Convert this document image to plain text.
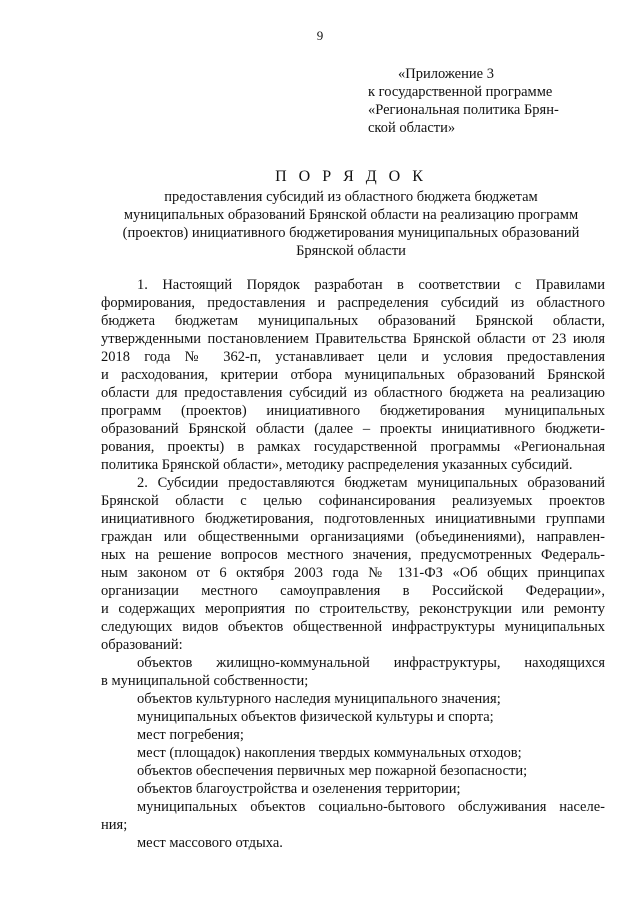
9
«Приложение 3
к государственной программе
«Региональная политика Брян-
ской области»
П О Р Я Д О К
предоставления субсидий из областного бюджета бюджетам
муниципальных образований Брянской области на реализацию программ
(проектов) инициативного бюджетирования муниципальных образований
Брянской области
1. Настоящий Порядок разработан в соответствии с Правилами
формирования, предоставления и распределения субсидий из областного
бюджета бюджетам муниципальных образований Брянской области,
утвержденными постановлением Правительства Брянской области от 23 июля
2018 года № 362-п, устанавливает цели и условия предоставления
и расходования, критерии отбора муниципальных образований Брянской
области для предоставления субсидий из областного бюджета на реализацию
программ (проектов) инициативного бюджетирования муниципальных
образований Брянской области (далее – проекты инициативного бюджети-
рования, проекты) в рамках государственной программы «Региональная
политика Брянской области», методику распределения указанных субсидий.
2. Субсидии предоставляются бюджетам муниципальных образований
Брянской области с целью софинансирования реализуемых проектов
инициативного бюджетирования, подготовленных инициативными группами
граждан или общественными организациями (объединениями), направлен-
ных на решение вопросов местного значения, предусмотренных Федераль-
ным законом от 6 октября 2003 года № 131-ФЗ «Об общих принципах
организации местного самоуправления в Российской Федерации»,
и содержащих мероприятия по строительству, реконструкции или ремонту
следующих видов объектов общественной инфраструктуры муниципальных
образований:
объектов жилищно-коммунальной инфраструктуры, находящихся
в муниципальной собственности;
объектов культурного наследия муниципального значения;
муниципальных объектов физической культуры и спорта;
мест погребения;
мест (площадок) накопления твердых коммунальных отходов;
объектов обеспечения первичных мер пожарной безопасности;
объектов благоустройства и озеленения территории;
муниципальных объектов социально-бытового обслуживания населе-
ния;
мест массового отдыха.
